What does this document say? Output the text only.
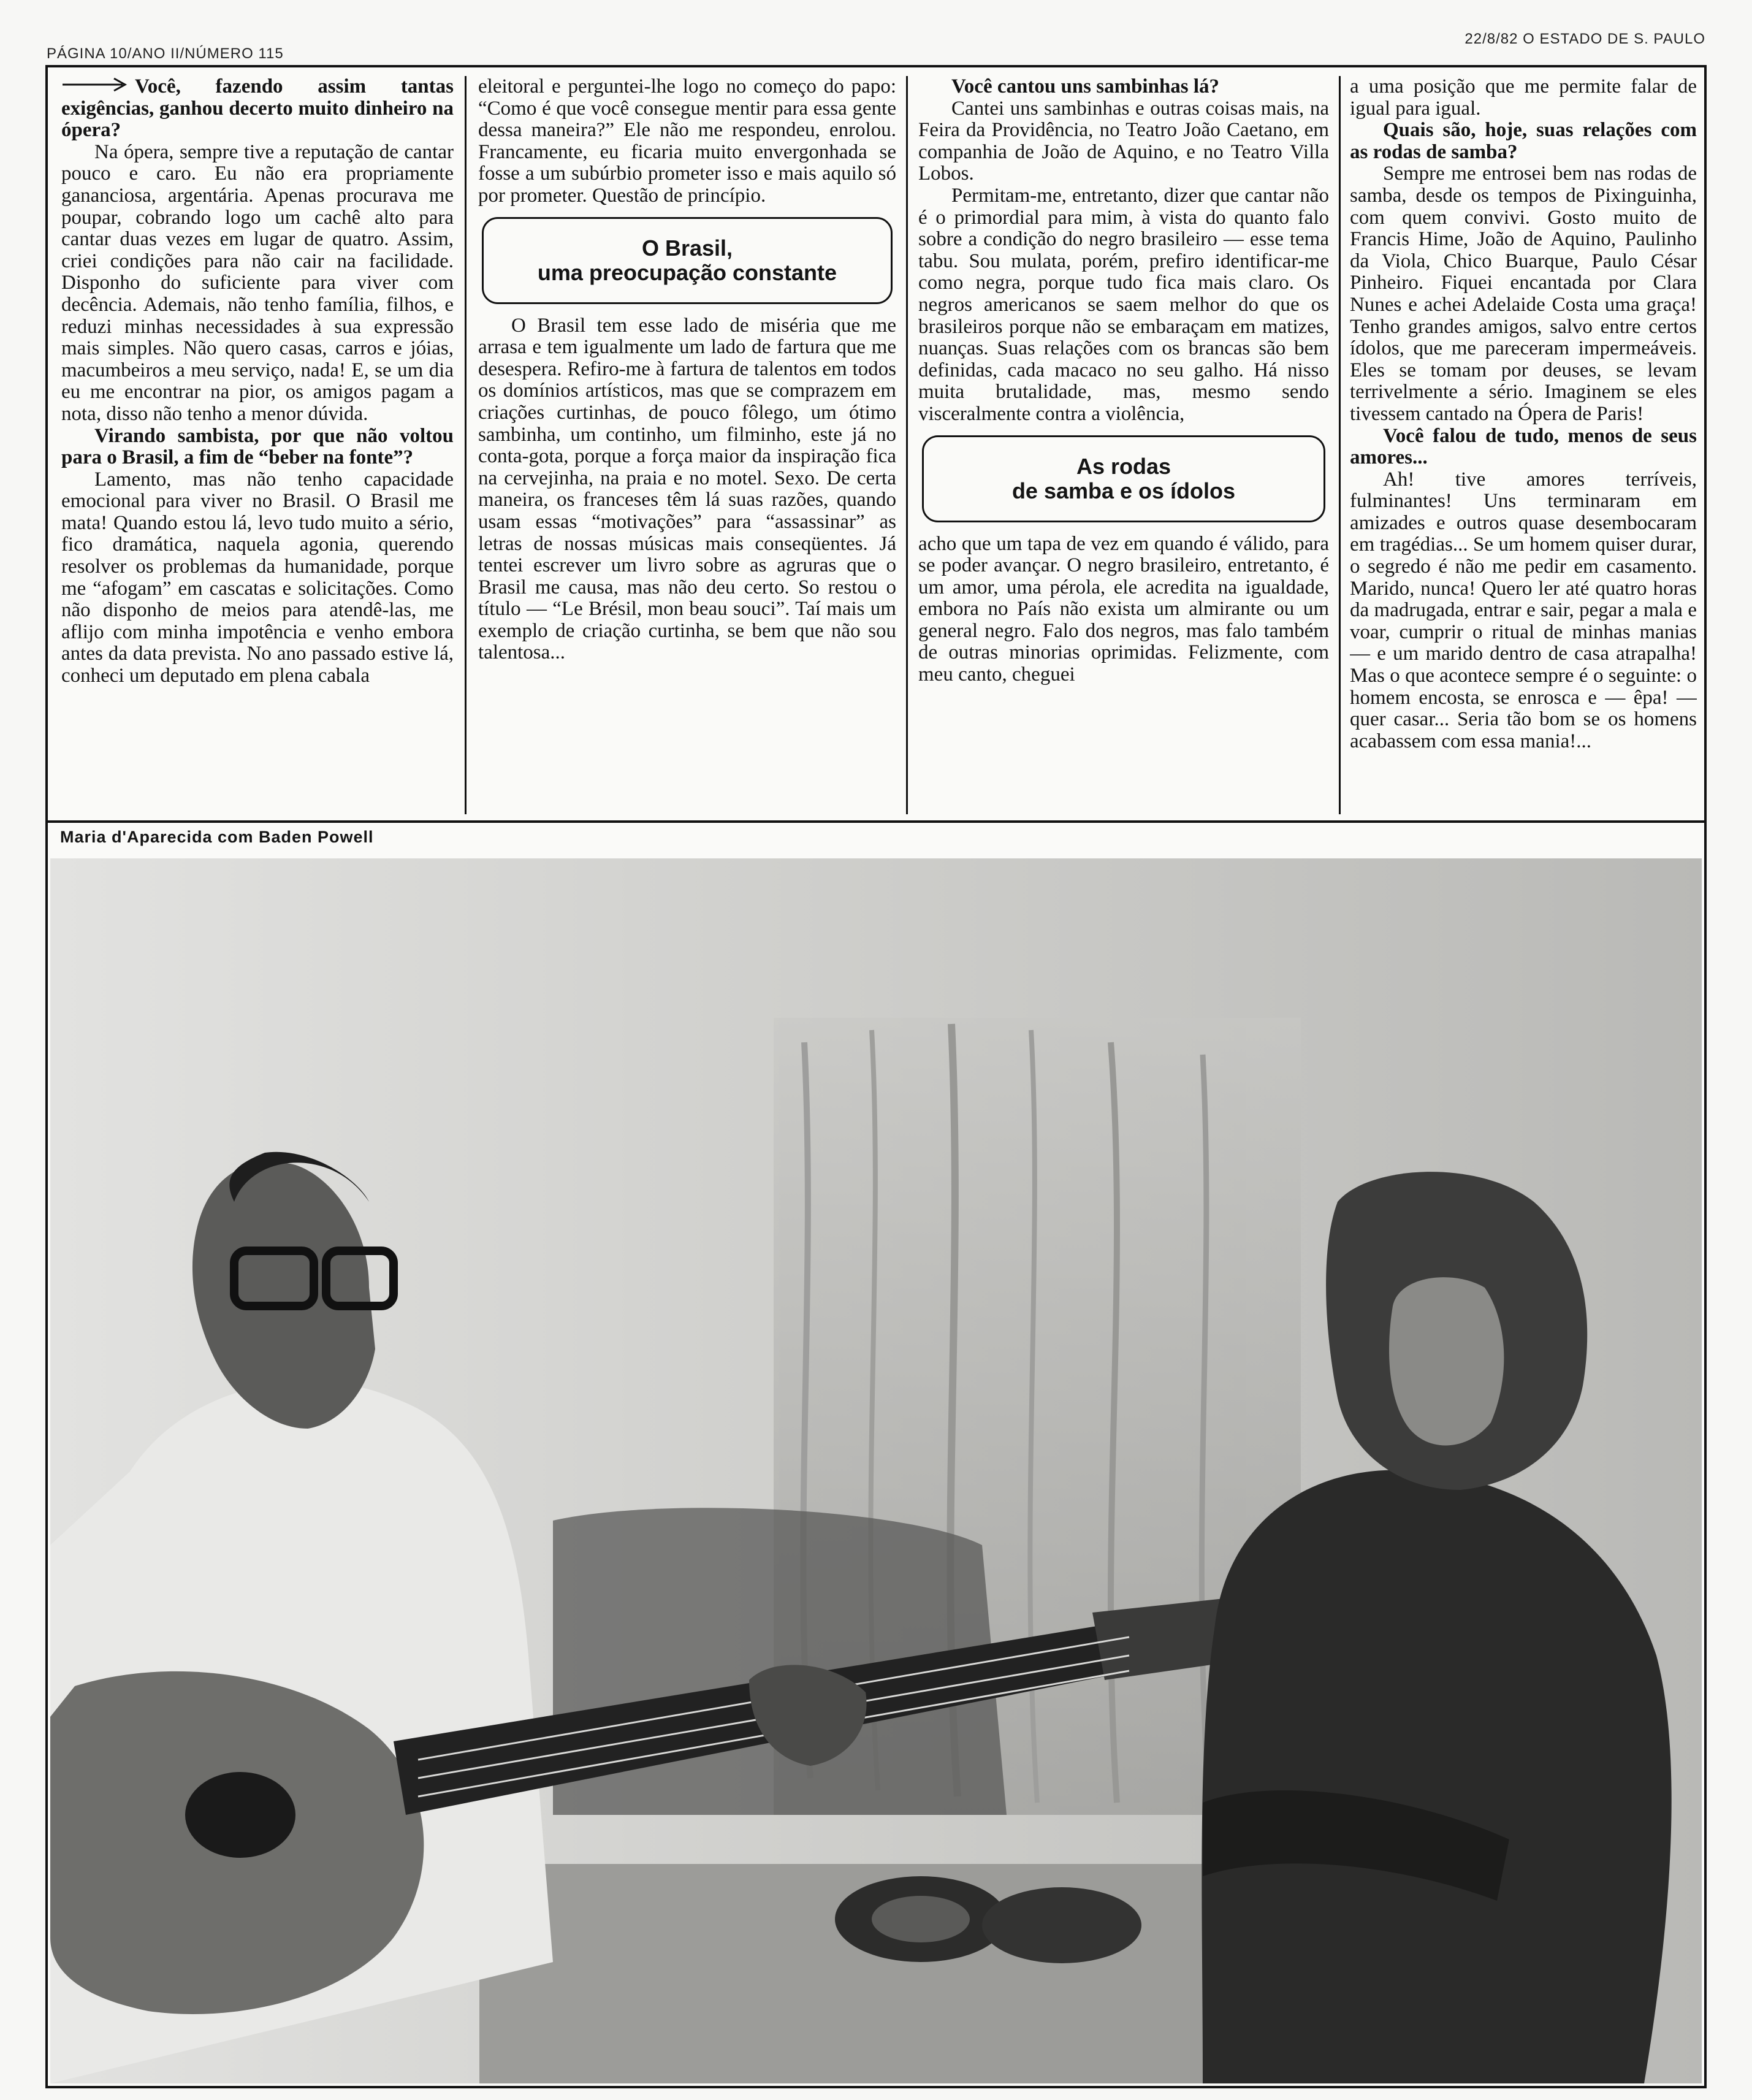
PÁGINA 10/ANO II/NÚMERO 115
22/8/82 O ESTADO DE S. PAULO

Você, fazendo assim tantas exigências, ganhou decerto muito dinheiro na ópera?

Na ópera, sempre tive a reputação de cantar pouco e caro. Eu não era propriamente gananciosa, argentária. Apenas procurava me poupar, cobrando logo um cachê alto para cantar duas vezes em lugar de quatro. Assim, criei condições para não cair na facilidade. Disponho do suficiente para viver com decência. Ademais, não tenho família, filhos, e reduzi minhas necessidades à sua expressão mais simples. Não quero casas, carros e jóias, macumbeiros a meu serviço, nada! E, se um dia eu me encontrar na pior, os amigos pagam a nota, disso não tenho a menor dúvida.

Virando sambista, por que não voltou para o Brasil, a fim de “beber na fonte”?

Lamento, mas não tenho capacidade emocional para viver no Brasil. O Brasil me mata! Quando estou lá, levo tudo muito a sério, fico dramática, naquela agonia, querendo resolver os problemas da humanidade, porque me “afogam” em cascatas e solicitações. Como não disponho de meios para atendê-las, me aflijo com minha impotência e venho embora antes da data prevista. No ano passado estive lá, conheci um deputado em plena cabala

eleitoral e perguntei-lhe logo no começo do papo: “Como é que você consegue mentir para essa gente dessa maneira?” Ele não me respondeu, enrolou. Francamente, eu ficaria muito envergonhada se fosse a um subúrbio prometer isso e mais aquilo só por prometer. Questão de princípio.

O Brasil,
uma preocupação constante

O Brasil tem esse lado de miséria que me arrasa e tem igualmente um lado de fartura que me desespera. Refiro-me à fartura de talentos em todos os domínios artísticos, mas que se comprazem em criações curtinhas, de pouco fôlego, um ótimo sambinha, um continho, um filminho, este já no conta-gota, porque a força maior da inspiração fica na cervejinha, na praia e no motel. Sexo. De certa maneira, os franceses têm lá suas razões, quando usam essas “motivações” para “assassinar” as letras de nossas músicas mais conseqüentes. Já tentei escrever um livro sobre as agruras que o Brasil me causa, mas não deu certo. So restou o título — “Le Brésil, mon beau souci”. Taí mais um exemplo de criação curtinha, se bem que não sou talentosa...

Você cantou uns sambinhas lá?

Cantei uns sambinhas e outras coisas mais, na Feira da Providência, no Teatro João Caetano, em companhia de João de Aquino, e no Teatro Villa Lobos.

Permitam-me, entretanto, dizer que cantar não é o primordial para mim, à vista do quanto falo sobre a condição do negro brasileiro — esse tema tabu. Sou mulata, porém, prefiro identificar-me como negra, porque tudo fica mais claro. Os negros americanos se saem melhor do que os brasileiros porque não se embaraçam em matizes, nuanças. Suas relações com os brancas são bem definidas, cada macaco no seu galho. Há nisso muita brutalidade, mas, mesmo sendo visceralmente contra a violência,

As rodas
de samba e os ídolos

acho que um tapa de vez em quando é válido, para se poder avançar. O negro brasileiro, entretanto, é um amor, uma pérola, ele acredita na igualdade, embora no País não exista um almirante ou um general negro. Falo dos negros, mas falo também de outras minorias oprimidas. Felizmente, com meu canto, cheguei

a uma posição que me permite falar de igual para igual.

Quais são, hoje, suas relações com as rodas de samba?

Sempre me entrosei bem nas rodas de samba, desde os tempos de Pixinguinha, com quem convivi. Gosto muito de Francis Hime, João de Aquino, Paulinho da Viola, Chico Buarque, Paulo César Pinheiro. Fiquei encantada por Clara Nunes e achei Adelaide Costa uma graça! Tenho grandes amigos, salvo entre certos ídolos, que me pareceram impermeáveis. Eles se tomam por deuses, se levam terrivelmente a sério. Imaginem se eles tivessem cantado na Ópera de Paris!

Você falou de tudo, menos de seus amores...

Ah! tive amores terríveis, fulminantes! Uns terminaram em amizades e outros quase desembocaram em tragédias... Se um homem quiser durar, o segredo é não me pedir em casamento. Marido, nunca! Quero ler até quatro horas da madrugada, entrar e sair, pegar a mala e voar, cumprir o ritual de minhas manias — e um marido dentro de casa atrapalha! Mas o que acontece sempre é o seguinte: o homem encosta, se enrosca e — êpa! — quer casar... Seria tão bom se os homens acabassem com essa mania!...

Maria d'Aparecida com Baden Powell
